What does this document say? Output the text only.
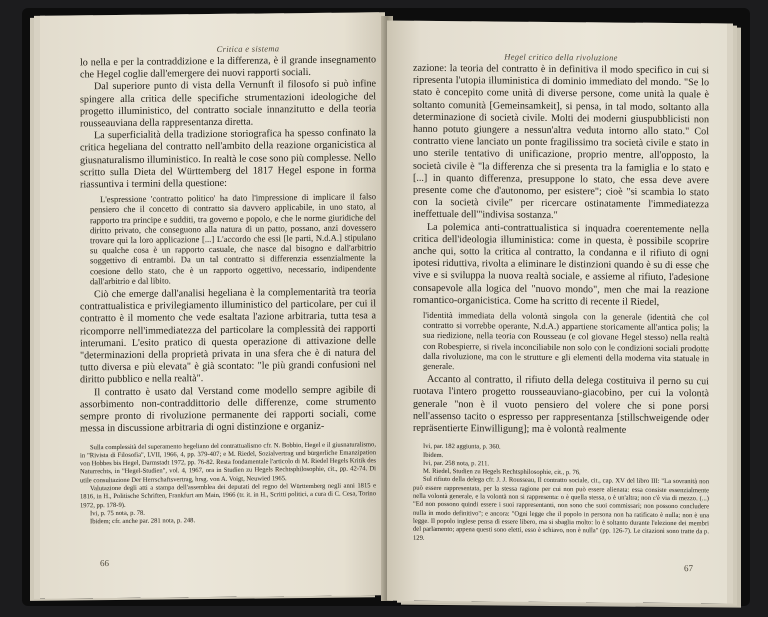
Critica e sistema

lo nella e per la contraddizione e la differenza, è il grande insegnamento che Hegel coglie dall'emergere dei nuovi rapporti sociali.

Dal superiore punto di vista della Vernunft il filosofo si può infine spingere alla critica delle specifiche strumentazioni ideologiche del progetto illuministico, del contratto sociale innanzitutto e della teoria rousseauviana della rappresentanza diretta.

La superficialità della tradizione storiografica ha spesso confinato la critica hegeliana del contratto nell'ambito della reazione organicistica al giusnaturalismo illuministico. In realtà le cose sono più complesse. Nello scritto sulla Dieta del Württemberg del 1817 Hegel espone in forma riassuntiva i termini della questione:

L'espressione 'contratto politico' ha dato l'impressione di implicare il falso pensiero che il concetto di contratto sia davvero applicabile, in uno stato, al rapporto tra principe e sudditi, tra governo e popolo, e che le norme giuridiche del diritto privato, che conseguono alla natura di un patto, possano, anzi dovessero trovare qui la loro applicazione [...] L'accordo che essi [le parti, N.d.A.] stipulano su qualche cosa è un rapporto casuale, che nasce dal bisogno e dall'arbitrio soggettivo di entrambi. Da un tal contratto si differenzia essenzialmente la coesione dello stato, che è un rapporto oggettivo, necessario, indipendente dall'arbitrio e dal libito.

Ciò che emerge dall'analisi hegeliana è la complementarità tra teoria contrattualistica e privilegiamento illuministico del particolare, per cui il contratto è il momento che vede esaltata l'azione arbitraria, tutta tesa a ricomporre nell'immediatezza del particolare la complessità dei rapporti interumani. L'esito pratico di questa operazione di attivazione delle "determinazioni della proprietà privata in una sfera che è di natura del tutto diversa e più elevata" è già scontato: "le più grandi confusioni nel diritto pubblico e nella realtà".

Il contratto è usato dal Verstand come modello sempre agibile di assorbimento non-contraddittorio delle differenze, come strumento sempre pronto di rivoluzione permanente dei rapporti sociali, come messa in discussione arbitraria di ogni distinzione e organiz-

Sulla complessità del superamento hegeliano del contrattualismo cfr. N. Bobbio, Hegel e il giusnaturalismo, in "Rivista di Filosofia", LVII, 1966, 4, pp. 379-407; e M. Riedel, Sozialvertrag und bürgerliche Emanzipation von Hobbes bis Hegel, Darmstadt 1972, pp. 76-82. Resta fondamentale l'articolo di M. Riedel Hegels Kritik des Naturrechts, in "Hegel-Studien", vol. 4, 1967, ora in Studien zu Hegels Rechtsphilosophie, cit., pp. 42-74. Di utile consultazione Der Herrschaftsvertrag, hrsg. von A. Voigt, Neuwied 1965.

Valutazione degli atti a stampa dell'assemblea dei deputati del regno del Württemberg negli anni 1815 e 1816, in H., Politische Schriften, Frankfurt am Main, 1966 (tr. it. in H., Scritti politici, a cura di C. Cesa, Torino 1972, pp. 178-9).

Ivi, p. 75 nota, p. 78.

Ibidem; cfr. anche par. 281 nota, p. 248.

66
Hegel critico della rivoluzione

zazione: la teoria del contratto è in definitiva il modo specifico in cui si ripresenta l'utopia illuministica di dominio immediato del mondo. "Se lo stato è concepito come unità di diverse persone, come unità la quale è soltanto comunità [Gemeinsamkeit], si pensa, in tal modo, soltanto alla determinazione di società civile. Molti dei moderni giuspubblicisti non hanno potuto giungere a nessun'altra veduta intorno allo stato." Col contratto viene lanciato un ponte fragilissimo tra società civile e stato in uno sterile tentativo di unificazione, proprio mentre, all'opposto, la società civile è "la differenza che si presenta tra la famiglia e lo stato e [...] in quanto differenza, presuppone lo stato, che essa deve avere presente come che d'autonomo, per esistere"; cioè "si scambia lo stato con la società civile" per ricercare ostinatamente l'immediatezza ineffettuale dell'"indivisa sostanza."

La polemica anti-contrattualistica si inquadra coerentemente nella critica dell'ideologia illuministica: come in questa, è possibile scoprire anche qui, sotto la critica al contratto, la condanna e il rifiuto di ogni ipotesi riduttiva, rivolta a eliminare le distinzioni quando è su di esse che vive e si sviluppa la nuova realtà sociale, e assieme al rifiuto, l'adesione consapevole alla logica del "nuovo mondo", men che mai la reazione romantico-organicistica. Come ha scritto di recente il Riedel,

l'identità immediata della volontà singola con la generale (identità che col contratto si vorrebbe operante, N.d.A.) appartiene storicamente all'antica polis; la sua riedizione, nella teoria con Rousseau (e col giovane Hegel stesso) nella realtà con Robespierre, si rivela inconciliabile non solo con le condizioni sociali prodotte dalla rivoluzione, ma con le strutture e gli elementi della moderna vita statuale in generale.

Accanto al contratto, il rifiuto della delega costituiva il perno su cui ruotava l'intero progetto rousseauviano-giacobino, per cui la volontà generale "non è il vuoto pensiero del volere che si pone porsi nell'assenso tacito o espresso per rappresentanza [stillschweigende oder repräsentierte Einwilligung]; ma è volontà realmente

Ivi, par. 182 aggiunta, p. 360.

Ibidem.

Ivi, par. 258 nota, p. 211.

M. Riedel, Studien zu Hegels Rechtsphilosophie, cit., p. 76.

Sul rifiuto della delega cfr. J. J. Rousseau, Il contratto sociale, cit., cap. XV del libro III: "La sovranità non può essere rappresentata, per la stessa ragione per cui non può essere alienata: essa consiste essenzialmente nella volontà generale, e la volontà non si rappresenta: o è quella stessa, o è un'altra; non c'è via di mezzo. (...) "Ed non possono quindi essere i suoi rappresentanti, non sono che suoi commissari; non possono concludere nulla in modo definitivo"; e ancora: "Ogni legge che il popolo in persona non ha ratificato è nulla; non è una legge. Il popolo inglese pensa di essere libero, ma si sbaglia molto: lo è soltanto durante l'elezione dei membri del parlamento; appena questi sono eletti, esso è schiavo, non è nulla" (pp. 126-7). Le citazioni sono tratte da p. 129.

67
